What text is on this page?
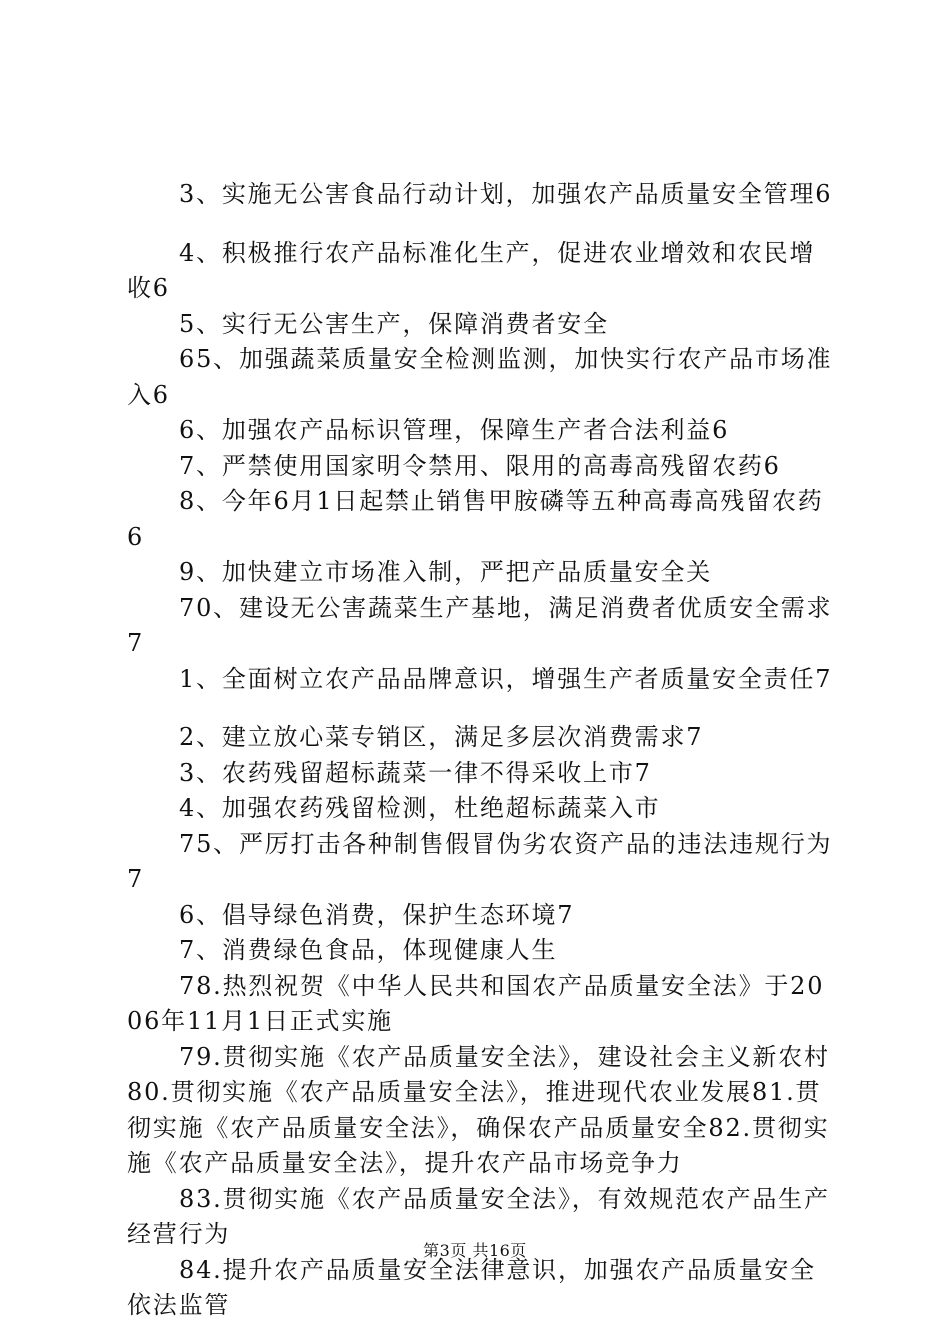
3、实施无公害食品行动计划，加强农产品质量安全管理6

4、积极推行农产品标准化生产，促进农业增效和农民增收6

5、实行无公害生产，保障消费者安全

65、加强蔬菜质量安全检测监测，加快实行农产品市场准入6

6、加强农产品标识管理，保障生产者合法利益6

7、严禁使用国家明令禁用、限用的高毒高残留农药6

8、今年6月1日起禁止销售甲胺磷等五种高毒高残留农药6

9、加快建立市场准入制，严把产品质量安全关

70、建设无公害蔬菜生产基地，满足消费者优质安全需求7

1、全面树立农产品品牌意识，增强生产者质量安全责任7

2、建立放心菜专销区，满足多层次消费需求7

3、农药残留超标蔬菜一律不得采收上市7

4、加强农药残留检测，杜绝超标蔬菜入市

75、严厉打击各种制售假冒伪劣农资产品的违法违规行为7

6、倡导绿色消费，保护生态环境7

7、消费绿色食品，体现健康人生

78.热烈祝贺《中华人民共和国农产品质量安全法》于2006年11月1日正式实施

79.贯彻实施《农产品质量安全法》，建设社会主义新农村80.贯彻实施《农产品质量安全法》，推进现代农业发展81.贯彻实施《农产品质量安全法》，确保农产品质量安全82.贯彻实施《农产品质量安全法》，提升农产品市场竞争力

83.贯彻实施《农产品质量安全法》，有效规范农产品生产经营行为

84.提升农产品质量安全法律意识，加强农产品质量安全依法监管

第3页 共16页
